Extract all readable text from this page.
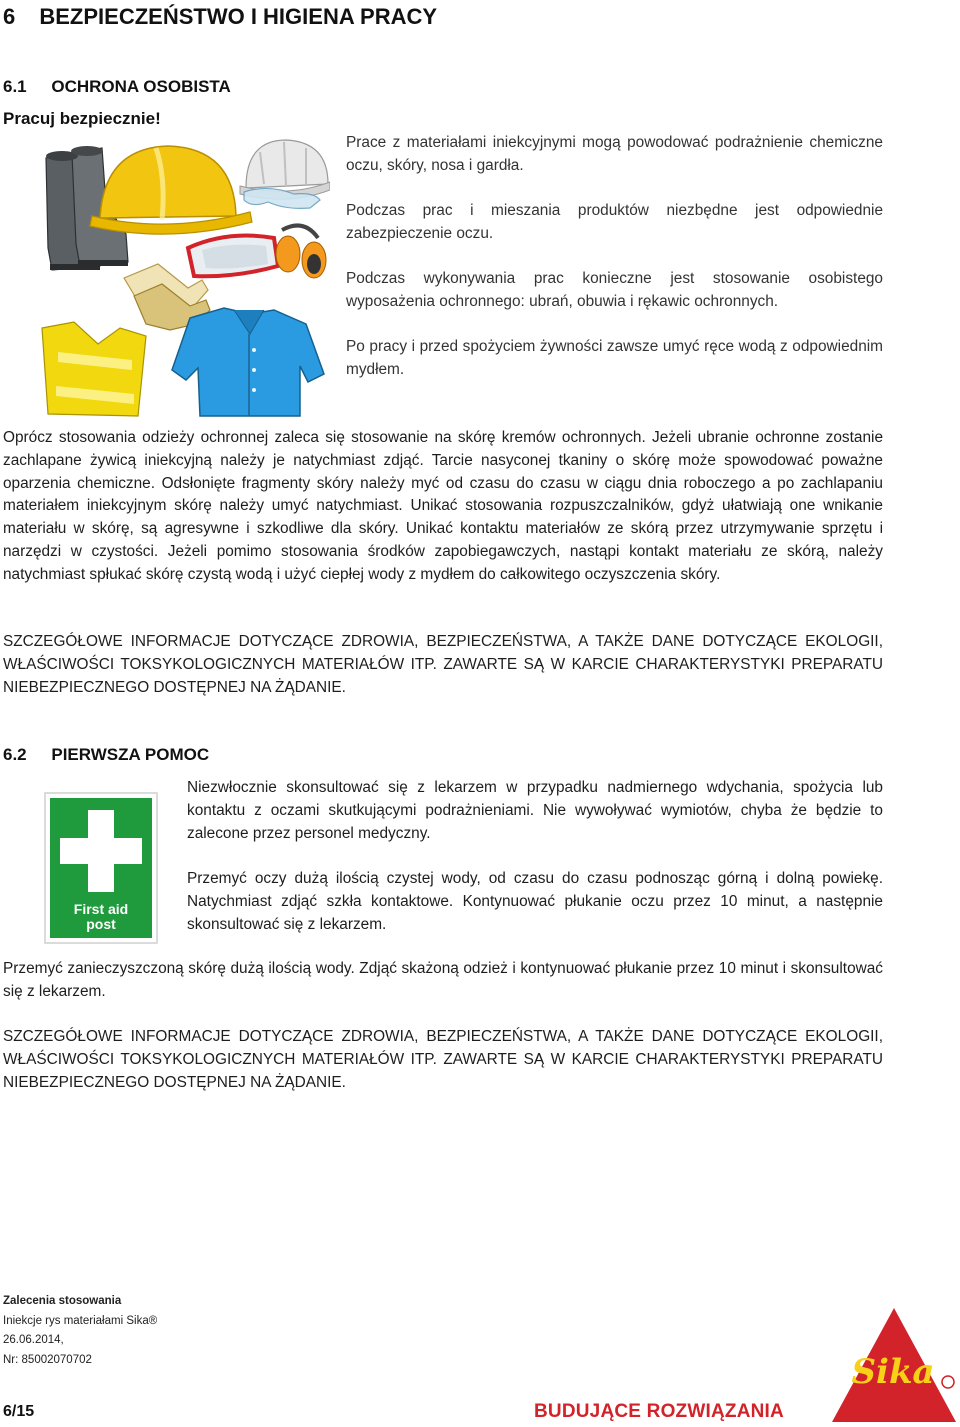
6 BEZPIECZEŃSTWO I HIGIENA PRACY
6.1 OCHRONA OSOBISTA
Pracuj bezpiecznie!
Prace z materiałami iniekcyjnymi mogą powodować podrażnienie chemiczne oczu, skóry, nosa i gardła.
Podczas prac i mieszania produktów niezbędne jest odpowiednie zabezpieczenie oczu.
Podczas wykonywania prac konieczne jest stosowanie osobistego wyposażenia ochronnego: ubrań, obuwia i rękawic ochronnych.
Po pracy i przed spożyciem żywności zawsze umyć ręce wodą z odpowiednim mydłem.
Oprócz stosowania odzieży ochronnej zaleca się stosowanie na skórę kremów ochronnych. Jeżeli ubranie ochronne zostanie zachlapane żywicą iniekcyjną należy je natychmiast zdjąć. Tarcie nasyconej tkaniny o skórę może spowodować poważne oparzenia chemiczne. Odsłonięte fragmenty skóry należy myć od czasu do czasu w ciągu dnia roboczego a po zachlapaniu materiałem iniekcyjnym skórę należy umyć natychmiast. Unikać stosowania rozpuszczalników, gdyż ułatwiają one wnikanie materiału w skórę, są agresywne i szkodliwe dla skóry. Unikać kontaktu materiałów ze skórą przez utrzymywanie sprzętu i narzędzi w czystości. Jeżeli pomimo stosowania środków zapobiegawczych, nastąpi kontakt materiału ze skórą, należy natychmiast spłukać skórę czystą wodą i użyć ciepłej wody z mydłem do całkowitego oczyszczenia skóry.
SZCZEGÓŁOWE INFORMACJE DOTYCZĄCE ZDROWIA, BEZPIECZEŃSTWA, A TAKŻE DANE DOTYCZĄCE EKOLOGII, WŁAŚCIWOŚCI TOKSYKOLOGICZNYCH MATERIAŁÓW ITP. ZAWARTE SĄ W KARCIE CHARAKTERYSTYKI PREPARATU NIEBEZPIECZNEGO DOSTĘPNEJ NA ŻĄDANIE.
6.2 PIERWSZA POMOC
First aid
post
Niezwłocznie skonsultować się z lekarzem w przypadku nadmiernego wdychania, spożycia lub kontaktu z oczami skutkującymi podrażnieniami. Nie wywoływać wymiotów, chyba że będzie to zalecone przez personel medyczny.
Przemyć oczy dużą ilością czystej wody, od czasu do czasu podnosząc górną i dolną powiekę. Natychmiast zdjąć szkła kontaktowe. Kontynuować płukanie oczu przez 10 minut, a następnie skonsultować się z lekarzem.
Przemyć zanieczyszczoną skórę dużą ilością wody. Zdjąć skażoną odzież i kontynuować płukanie przez 10 minut i skonsultować się z lekarzem.
SZCZEGÓŁOWE INFORMACJE DOTYCZĄCE ZDROWIA, BEZPIECZEŃSTWA, A TAKŻE DANE DOTYCZĄCE EKOLOGII, WŁAŚCIWOŚCI TOKSYKOLOGICZNYCH MATERIAŁÓW ITP. ZAWARTE SĄ W KARCIE CHARAKTERYSTYKI PREPARATU NIEBEZPIECZNEGO DOSTĘPNEJ NA ŻĄDANIE.
Zalecenia stosowania
Iniekcje rys materiałami Sika®
26.06.2014,
Nr: 85002070702
6/15	BUDUJĄCE ROZWIĄZANIA
Sika
